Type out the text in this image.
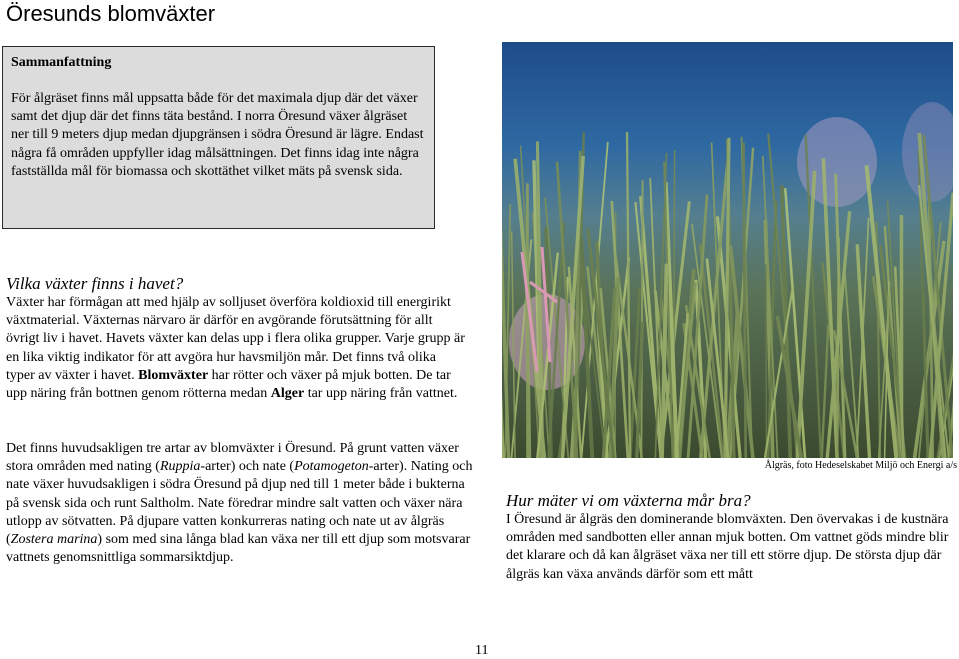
Öresunds blomväxter
Sammanfattning
För ålgräset finns mål uppsatta både för det maximala djup där det växer samt det djup där det finns täta bestånd. I norra Öresund växer ålgräset ner till 9 meters djup medan djupgränsen i södra Öresund är lägre. Endast några få områden uppfyller idag målsättningen. Det finns idag inte några fastställda mål för biomassa och skottäthet vilket mäts på svensk sida.

Vilka växter finns i havet?

Växter har förmågan att med hjälp av solljuset överföra koldioxid till energirikt växtmaterial. Växternas närvaro är därför en avgörande förutsättning för allt övrigt liv i havet. Havets växter kan delas upp i flera olika grupper. Varje grupp är en lika viktig indikator för att avgöra hur havsmiljön mår. Det finns två olika typer av växter i havet. Blomväxter har rötter och växer på mjuk botten. De tar upp näring från bottnen genom rötterna medan Alger tar upp näring från vattnet.

Det finns huvudsakligen tre artar av blomväxter i Öresund. På grunt vatten växer stora områden med nating (Ruppia-arter) och nate (Potamogeton-arter). Nating och nate växer huvudsakligen i södra Öresund på djup ned till 1 meter både i bukterna på svensk sida och runt Saltholm. Nate föredrar mindre salt vatten och växer nära utlopp av sötvatten. På djupare vatten konkurreras nating och nate ut av ålgräs (Zostera marina) som med sina långa blad kan växa ner till ett djup som motsvarar vattnets genomsnittliga sommarsiktdjup.
Ålgräs, foto Hedeselskabet Miljö och Energi a/s

Hur mäter vi om växterna mår bra?

I Öresund är ålgräs den dominerande blomväxten. Den övervakas i de kustnära områden med sandbotten eller annan mjuk botten. Om vattnet göds mindre blir det klarare och då kan ålgräset växa ner till ett större djup. De största djup där ålgräs kan växa används därför som ett mått

11
